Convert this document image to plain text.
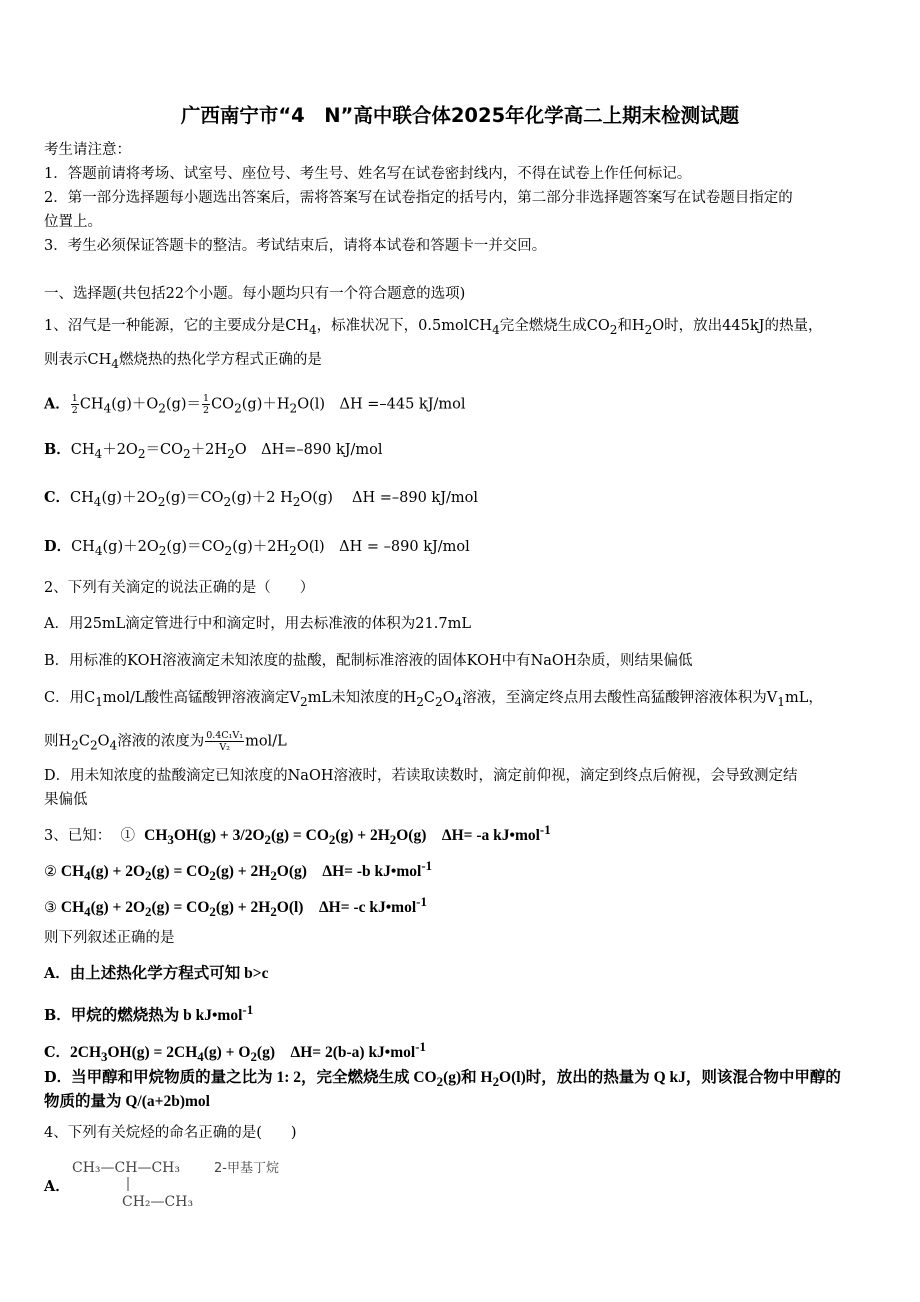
广西南宁市“4　N”高中联合体2025年化学高二上期末检测试题
考生请注意：
1．答题前请将考场、试室号、座位号、考生号、姓名写在试卷密封线内，不得在试卷上作任何标记。
2．第一部分选择题每小题选出答案后，需将答案写在试卷指定的括号内，第二部分非选择题答案写在试卷题目指定的
位置上。
3．考生必须保证答题卡的整洁。考试结束后，请将本试卷和答题卡一并交回。
一、选择题(共包括22个小题。每小题均只有一个符合题意的选项)
1、沼气是一种能源，它的主要成分是$CH_4$，标准状况下，0.5molCH$_4$完全燃烧生成$CO_2$和$H_2O$时，放出445kJ的热量，
则表示$CH_4$燃烧热的热化学方程式正确的是
A． $\frac{1}{2} CH_4(g)+O_2(g)= \frac{1}{2} CO_2(g)+H_2O(l)$　ΔH =–445 kJ/mol
B．$CH_4+2O_2=CO_2+2H_2O$　ΔH=–890 kJ/mol
C．$CH_4(g)+2O_2(g)=CO_2(g)+2$ $H_2O(g)$　 ΔH =–890 kJ/mol
D．$CH_4(g)+2O_2(g)=CO_2(g)+2H_2O(l)$　ΔH = –890 kJ/mol
2、下列有关滴定的说法正确的是（　　）
A．用25mL滴定管进行中和滴定时，用去标准液的体积为21.7mL
B．用标准的KOH溶液滴定未知浓度的盐酸，配制标准溶液的固体KOH中有NaOH杂质，则结果偏低
C．用$C_1mol/L$酸性高锰酸钾溶液滴定$V_2mL$未知浓度的$H_2C_2O_4$溶液，至滴定终点用去酸性高猛酸钾溶液体积为$V_1mL$，
则$H_2C_2O_4$溶液的浓度为 $\frac{\text{0.4C₁V₁}}{\text{V₂}} mol/L$
D．用未知浓度的盐酸滴定已知浓度的NaOH溶液时，若读取读数时，滴定前仰视，滴定到终点后俯视，会导致测定结
果偏低
3、已知： ① $CH_3OH(g) + 3/2O_2(g) = CO_2(g) + 2H_2O(g)$　ΔH= -a kJ•mol$^{-1}$
② $CH_4(g) + 2O_2(g) = CO_2(g) + 2H_2O(g)$　ΔH= -b kJ•mol$^{-1}$
③ $CH_4(g) + 2O_2(g) = CO_2(g) + 2H_2O(l)$　ΔH= -c kJ•mol$^{-1}$
则下列叙述正确的是
A．由上述热化学方程式可知 b>c
B．甲烷的燃烧热为 b kJ•mol$^{-1}$
C．$2CH_3OH(g) = 2CH_4(g) + O_2(g)$　ΔH= 2(b-a) kJ•mol$^{-1}$
D．当甲醇和甲烷物质的量之比为 1: 2，完全燃烧生成 $CO_2(g)$和 $H_2O(l)$时，放出的热量为 Q kJ，则该混合物中甲醇的
物质的量为 Q/(a+2b)mol
4、下列有关烷烃的命名正确的是(　　)
A．
CH₃—CH—CH₃
CH₂—CH₃
2-甲基丁烷
